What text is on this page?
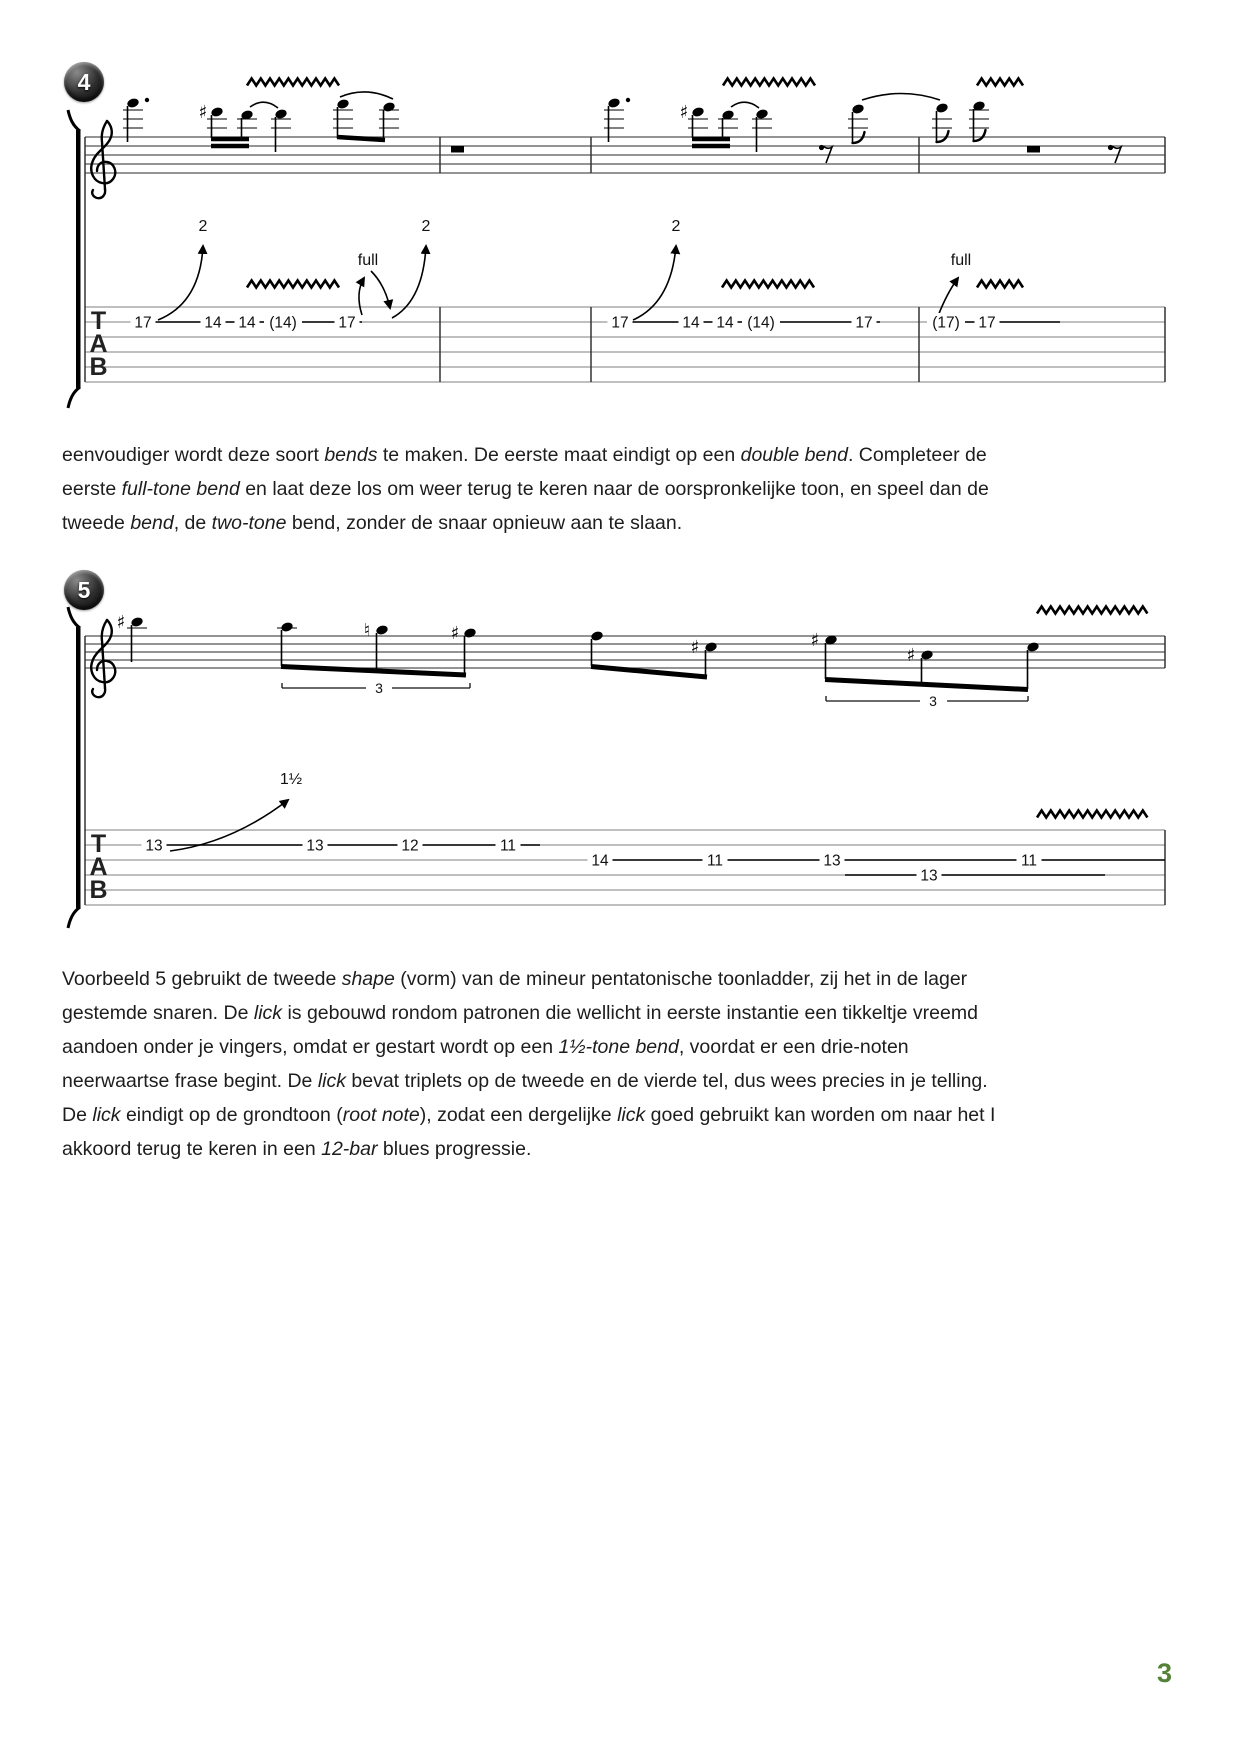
4
5
T
A
B
♯	♯
2
full
2	2
full
17	14 14 (14)	17	17	14 14 (14)	17	(17) 17
T
A
B
♯	♮	♯
♯	♯
♯
3
3
1½
13	13	12	11
14	11	13	11
13
eenvoudiger wordt deze soort bends te maken. De eerste maat eindigt op een double bend. Completeer de
eerste full-tone bend en laat deze los om weer terug te keren naar de oorspronkelijke toon, en speel dan de
tweede bend, de two-tone bend, zonder de snaar opnieuw aan te slaan.
Voorbeeld 5 gebruikt de tweede shape (vorm) van de mineur pentatonische toonladder, zij het in de lager
gestemde snaren. De lick is gebouwd rondom patronen die wellicht in eerste instantie een tikkeltje vreemd
aandoen onder je vingers, omdat er gestart wordt op een 1½-tone bend, voordat er een drie-noten
neerwaartse frase begint. De lick bevat triplets op de tweede en de vierde tel, dus wees precies in je telling.
De lick eindigt op de grondtoon (root note), zodat een dergelijke lick goed gebruikt kan worden om naar het I
akkoord terug te keren in een 12-bar blues progressie.
3
